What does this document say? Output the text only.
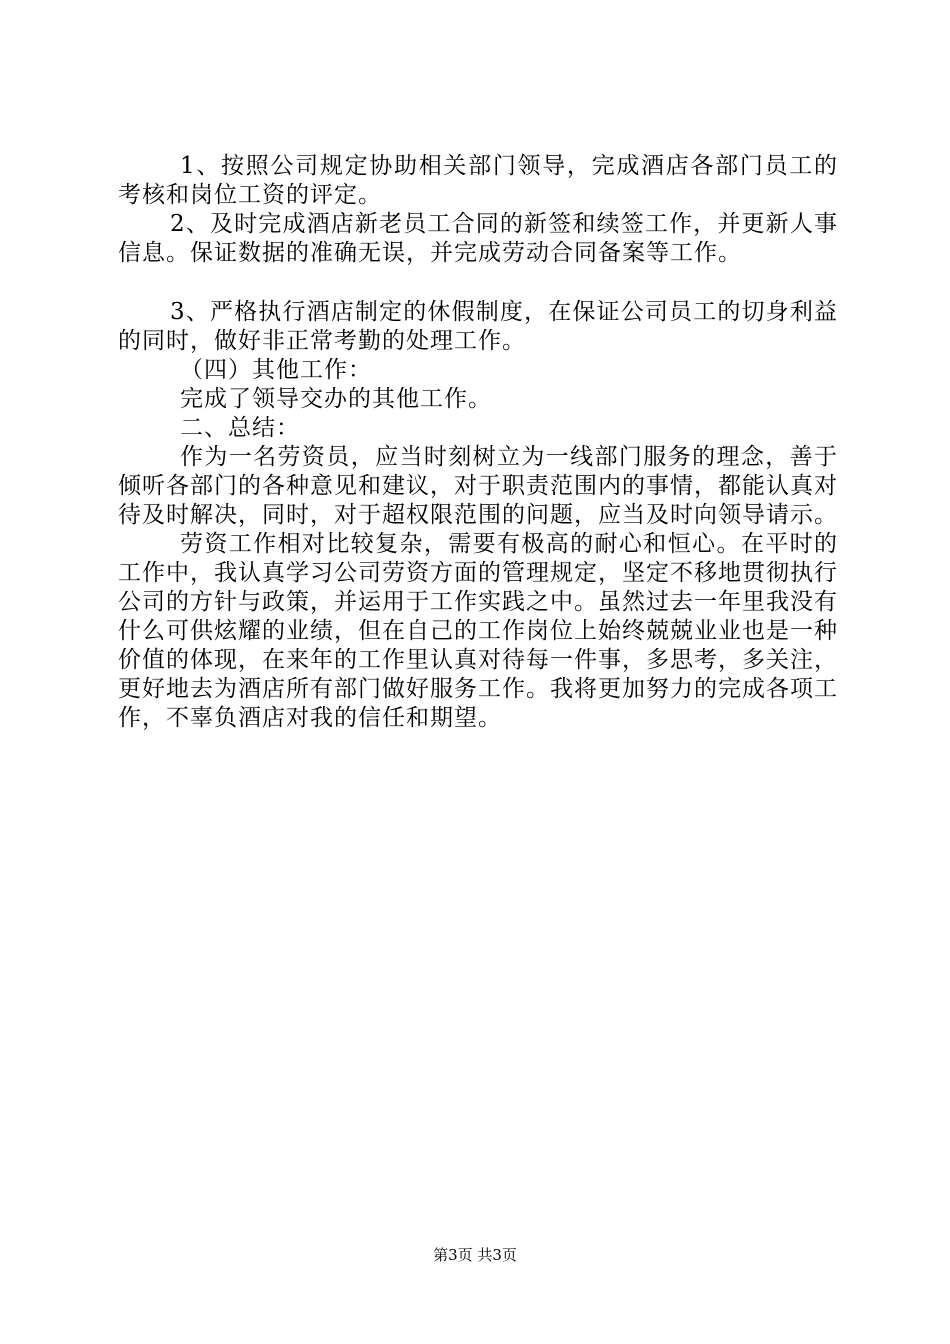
1、按照公司规定协助相关部门领导，完成酒店各部门员工的考核和岗位工资的评定。

2、及时完成酒店新老员工合同的新签和续签工作，并更新人事信息。保证数据的准确无误，并完成劳动合同备案等工作。

3、严格执行酒店制定的休假制度，在保证公司员工的切身利益的同时，做好非正常考勤的处理工作。

（四）其他工作：

完成了领导交办的其他工作。

二、总结：

作为一名劳资员，应当时刻树立为一线部门服务的理念，善于倾听各部门的各种意见和建议，对于职责范围内的事情，都能认真对待及时解决，同时，对于超权限范围的问题，应当及时向领导请示。

劳资工作相对比较复杂，需要有极高的耐心和恒心。在平时的工作中，我认真学习公司劳资方面的管理规定，坚定不移地贯彻执行公司的方针与政策，并运用于工作实践之中。虽然过去一年里我没有什么可供炫耀的业绩，但在自己的工作岗位上始终兢兢业业也是一种价值的体现，在来年的工作里认真对待每一件事，多思考，多关注，更好地去为酒店所有部门做好服务工作。我将更加努力的完成各项工作，不辜负酒店对我的信任和期望。

第3页 共3页
